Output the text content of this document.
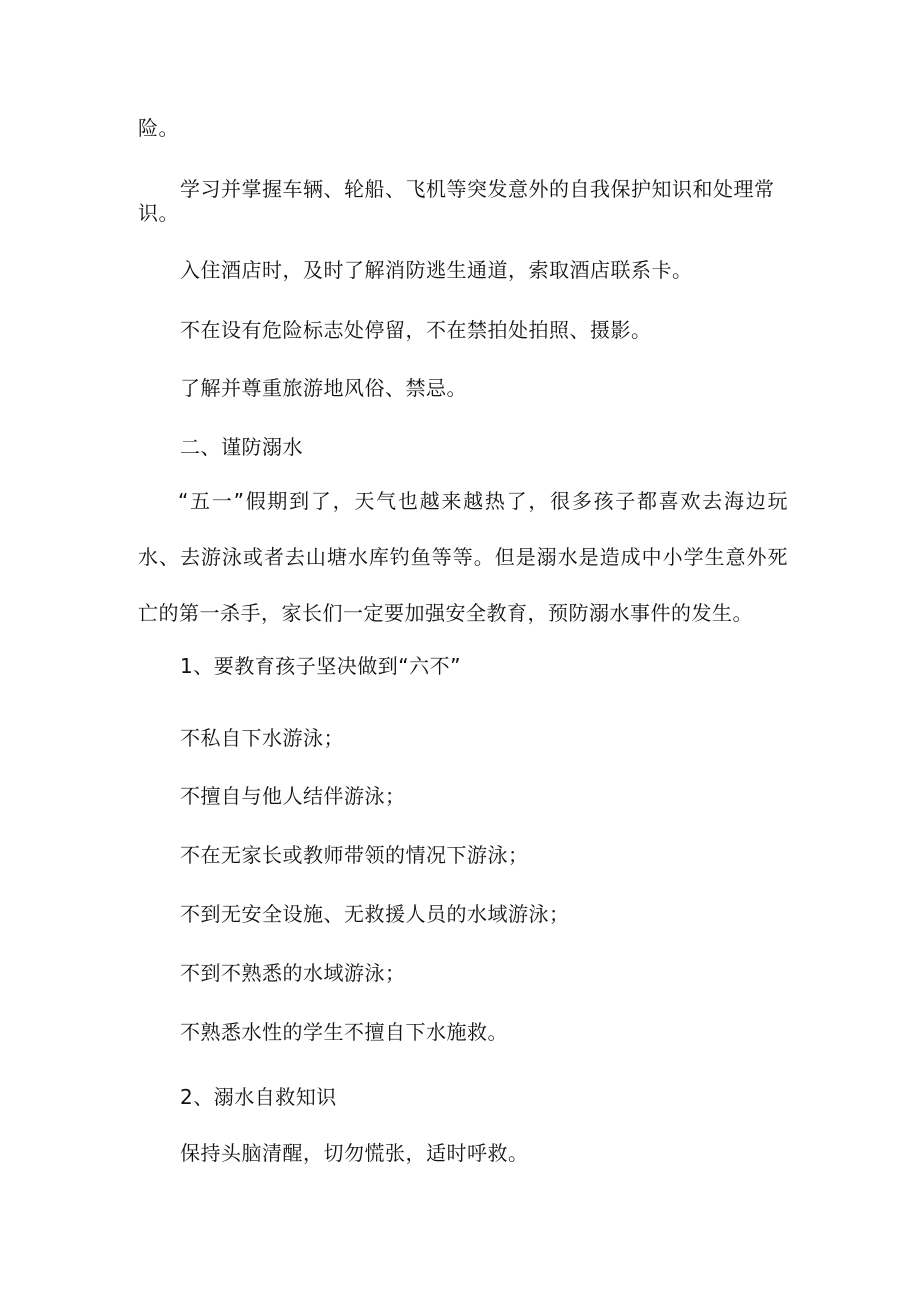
险。
学习并掌握车辆、轮船、飞机等突发意外的自我保护知识和处理常识。
入住酒店时，及时了解消防逃生通道，索取酒店联系卡。
不在设有危险标志处停留，不在禁拍处拍照、摄影。
了解并尊重旅游地风俗、禁忌。
二、谨防溺水
“五一”假期到了，天气也越来越热了，很多孩子都喜欢去海边玩水、去游泳或者去山塘水库钓鱼等等。但是溺水是造成中小学生意外死亡的第一杀手，家长们一定要加强安全教育，预防溺水事件的发生。
1、要教育孩子坚决做到“六不”
不私自下水游泳；
不擅自与他人结伴游泳；
不在无家长或教师带领的情况下游泳；
不到无安全设施、无救援人员的水域游泳；
不到不熟悉的水域游泳；
不熟悉水性的学生不擅自下水施救。
2、溺水自救知识
保持头脑清醒，切勿慌张，适时呼救。
